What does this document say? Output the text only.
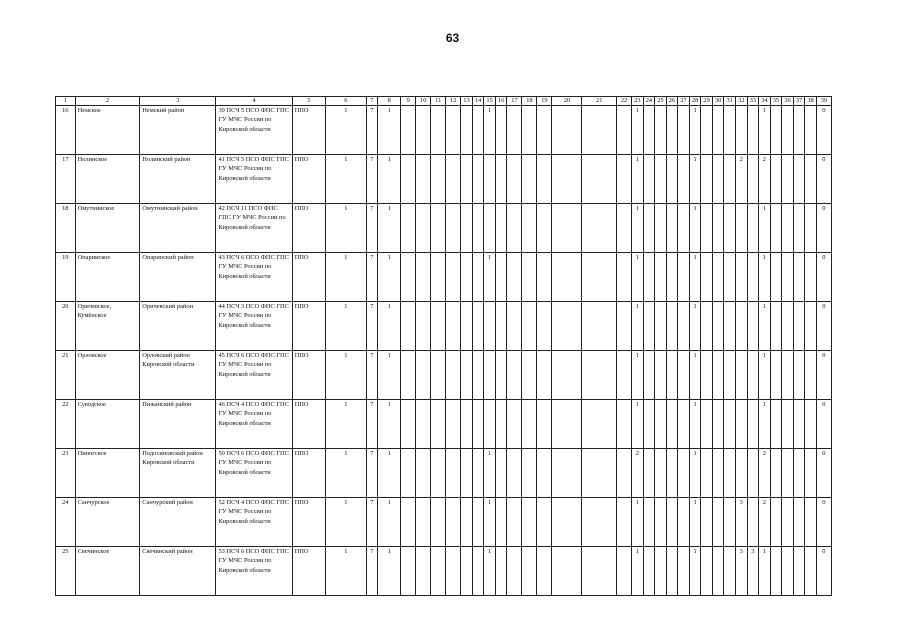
63
1	2	3	4	5	6	7	8	9	10	11	12	13	14	15	16	17	18	19	20	21	22	23	24	25	26	27	28	29	30	31	32	33	34	35	36	37	38	39
16	Немское	Немский район	39 ПСЧ 5 ПСО ФПС ГПС ГУ МЧС России по Кировской области	ППО	1	7	1							1								1					1						1					0
17	Нолинское	Нолинский район	41 ПСЧ 5 ПСО ФПС ГПС ГУ МЧС России по Кировской области	ППО	1	7	1															1					1				2		2					0
18	Омутнинское	Омутнинский район	42 ПСЧ 11 ПСО ФПС ГПС ГУ МЧС России по Кировской области	ППО	1	7	1															1					1						1					0
19	Опаринское	Опаринский район	43 ПСЧ 6 ПСО ФПС ГПС ГУ МЧС России по Кировской области	ППО	1	7	1							1								1					1						1					0
20	Оричевское, Кумёнское	Оричевский район	44 ПСЧ 3 ПСО ФПС ГПС ГУ МЧС России по Кировской области	ППО	1	7	1															1					1						1					0
21	Орловское	Орловский район Кировской области	45 ПСЧ 6 ПСО ФПС ГПС ГУ МЧС России по Кировской области	ППО	1	7	1															1					1						1					0
22	Суводское	Пижанский район	46 ПСЧ 4 ПСО ФПС ГПС ГУ МЧС России по Кировской области	ППО	1	7	1															1					1						1					0
23	Пиногское	Подосиновский район Кировской области	50 ПСЧ 6 ПСО ФПС ГПС ГУ МЧС России по Кировской области	ППО	1	7	1							1								2					1						2					0
24	Санчурское	Санчурский район	52 ПСЧ 4 ПСО ФПС ГПС ГУ МЧС России по Кировской области	ППО	1	7	1							1								1					1				3		2					0
25	Свечинское	Свечинский район	53 ПСЧ 6 ПСО ФПС ГПС ГУ МЧС России по Кировской области	ППО	1	7	1							1								1					1				3	3	1					0
